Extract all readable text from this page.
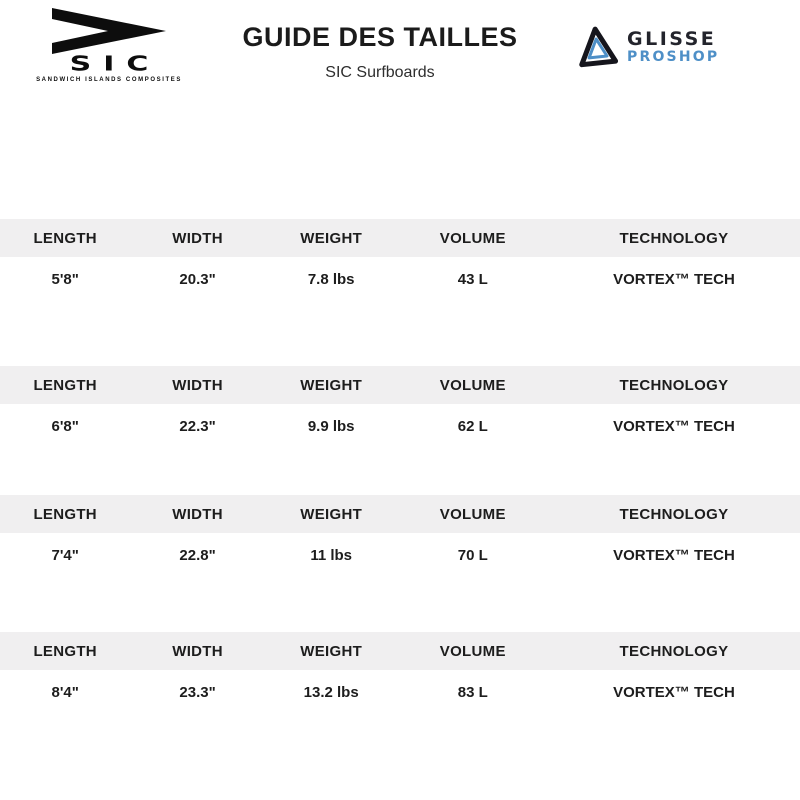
SIC
SANDWICH ISLANDS COMPOSITES
GUIDE DES TAILLES
SIC Surfboards
GLISSE
PROSHOP
LENGTH	WIDTH	WEIGHT	VOLUME	TECHNOLOGY
5'8"	20.3"	7.8 lbs	43 L	VORTEX™ TECH
LENGTH	WIDTH	WEIGHT	VOLUME	TECHNOLOGY
6'8"	22.3"	9.9 lbs	62 L	VORTEX™ TECH
LENGTH	WIDTH	WEIGHT	VOLUME	TECHNOLOGY
7'4"	22.8"	11 lbs	70 L	VORTEX™ TECH
LENGTH	WIDTH	WEIGHT	VOLUME	TECHNOLOGY
8'4"	23.3"	13.2 lbs	83 L	VORTEX™ TECH
